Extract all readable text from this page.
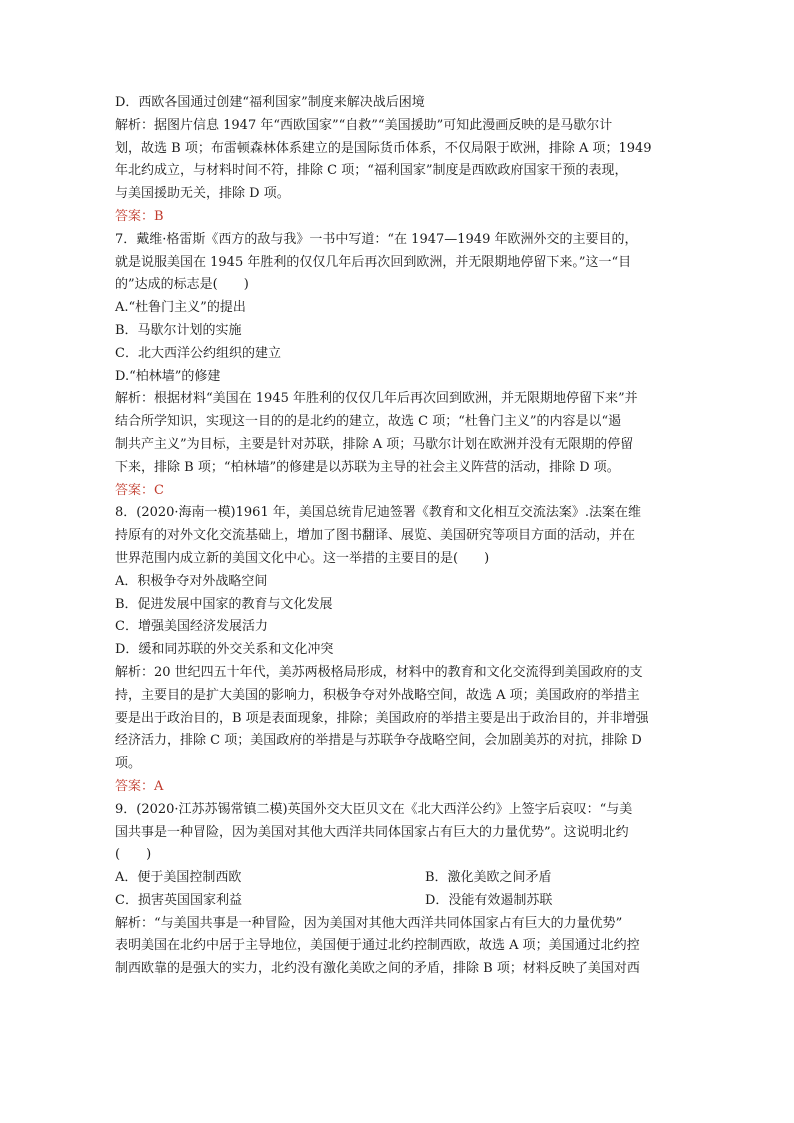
D．西欧各国通过创建“福利国家”制度来解决战后困境
解析：据图片信息 1947 年“西欧国家”“自救”“美国援助”可知此漫画反映的是马歇尔计
划，故选 B 项；布雷顿森林体系建立的是国际货币体系，不仅局限于欧洲，排除 A 项；1949
年北约成立，与材料时间不符，排除 C 项；“福利国家”制度是西欧政府国家干预的表现，
与美国援助无关，排除 D 项。
答案：B
7．戴维·格雷斯《西方的敌与我》一书中写道：“在 1947—1949 年欧洲外交的主要目的，
就是说服美国在 1945 年胜利的仅仅几年后再次回到欧洲，并无限期地停留下来。”这一“目
的”达成的标志是(　　)
A.“杜鲁门主义”的提出
B．马歇尔计划的实施
C．北大西洋公约组织的建立
D.“柏林墙”的修建
解析：根据材料“美国在 1945 年胜利的仅仅几年后再次回到欧洲，并无限期地停留下来”并
结合所学知识，实现这一目的的是北约的建立，故选 C 项；“杜鲁门主义”的内容是以“遏
制共产主义”为目标，主要是针对苏联，排除 A 项；马歇尔计划在欧洲并没有无限期的停留
下来，排除 B 项；“柏林墙”的修建是以苏联为主导的社会主义阵营的活动，排除 D 项。
答案：C
8．(2020·海南一模)1961 年，美国总统肯尼迪签署《教育和文化相互交流法案》.法案在维
持原有的对外文化交流基础上，增加了图书翻译、展览、美国研究等项目方面的活动，并在
世界范围内成立新的美国文化中心。这一举措的主要目的是(　　)
A．积极争夺对外战略空间
B．促进发展中国家的教育与文化发展
C．增强美国经济发展活力
D．缓和同苏联的外交关系和文化冲突
解析：20 世纪四五十年代，美苏两极格局形成，材料中的教育和文化交流得到美国政府的支
持，主要目的是扩大美国的影响力，积极争夺对外战略空间，故选 A 项；美国政府的举措主
要是出于政治目的，B 项是表面现象，排除；美国政府的举措主要是出于政治目的，并非增强
经济活力，排除 C 项；美国政府的举措是与苏联争夺战略空间，会加剧美苏的对抗，排除 D
项。
答案：A
9．(2020·江苏苏锡常镇二模)英国外交大臣贝文在《北大西洋公约》上签字后哀叹：“与美
国共事是一种冒险，因为美国对其他大西洋共同体国家占有巨大的力量优势”。这说明北约
(　　)
A．便于美国控制西欧	B．激化美欧之间矛盾
C．损害英国国家利益	D．没能有效遏制苏联
解析：“与美国共事是一种冒险，因为美国对其他大西洋共同体国家占有巨大的力量优势”
表明美国在北约中居于主导地位，美国便于通过北约控制西欧，故选 A 项；美国通过北约控
制西欧靠的是强大的实力，北约没有激化美欧之间的矛盾，排除 B 项；材料反映了美国对西
